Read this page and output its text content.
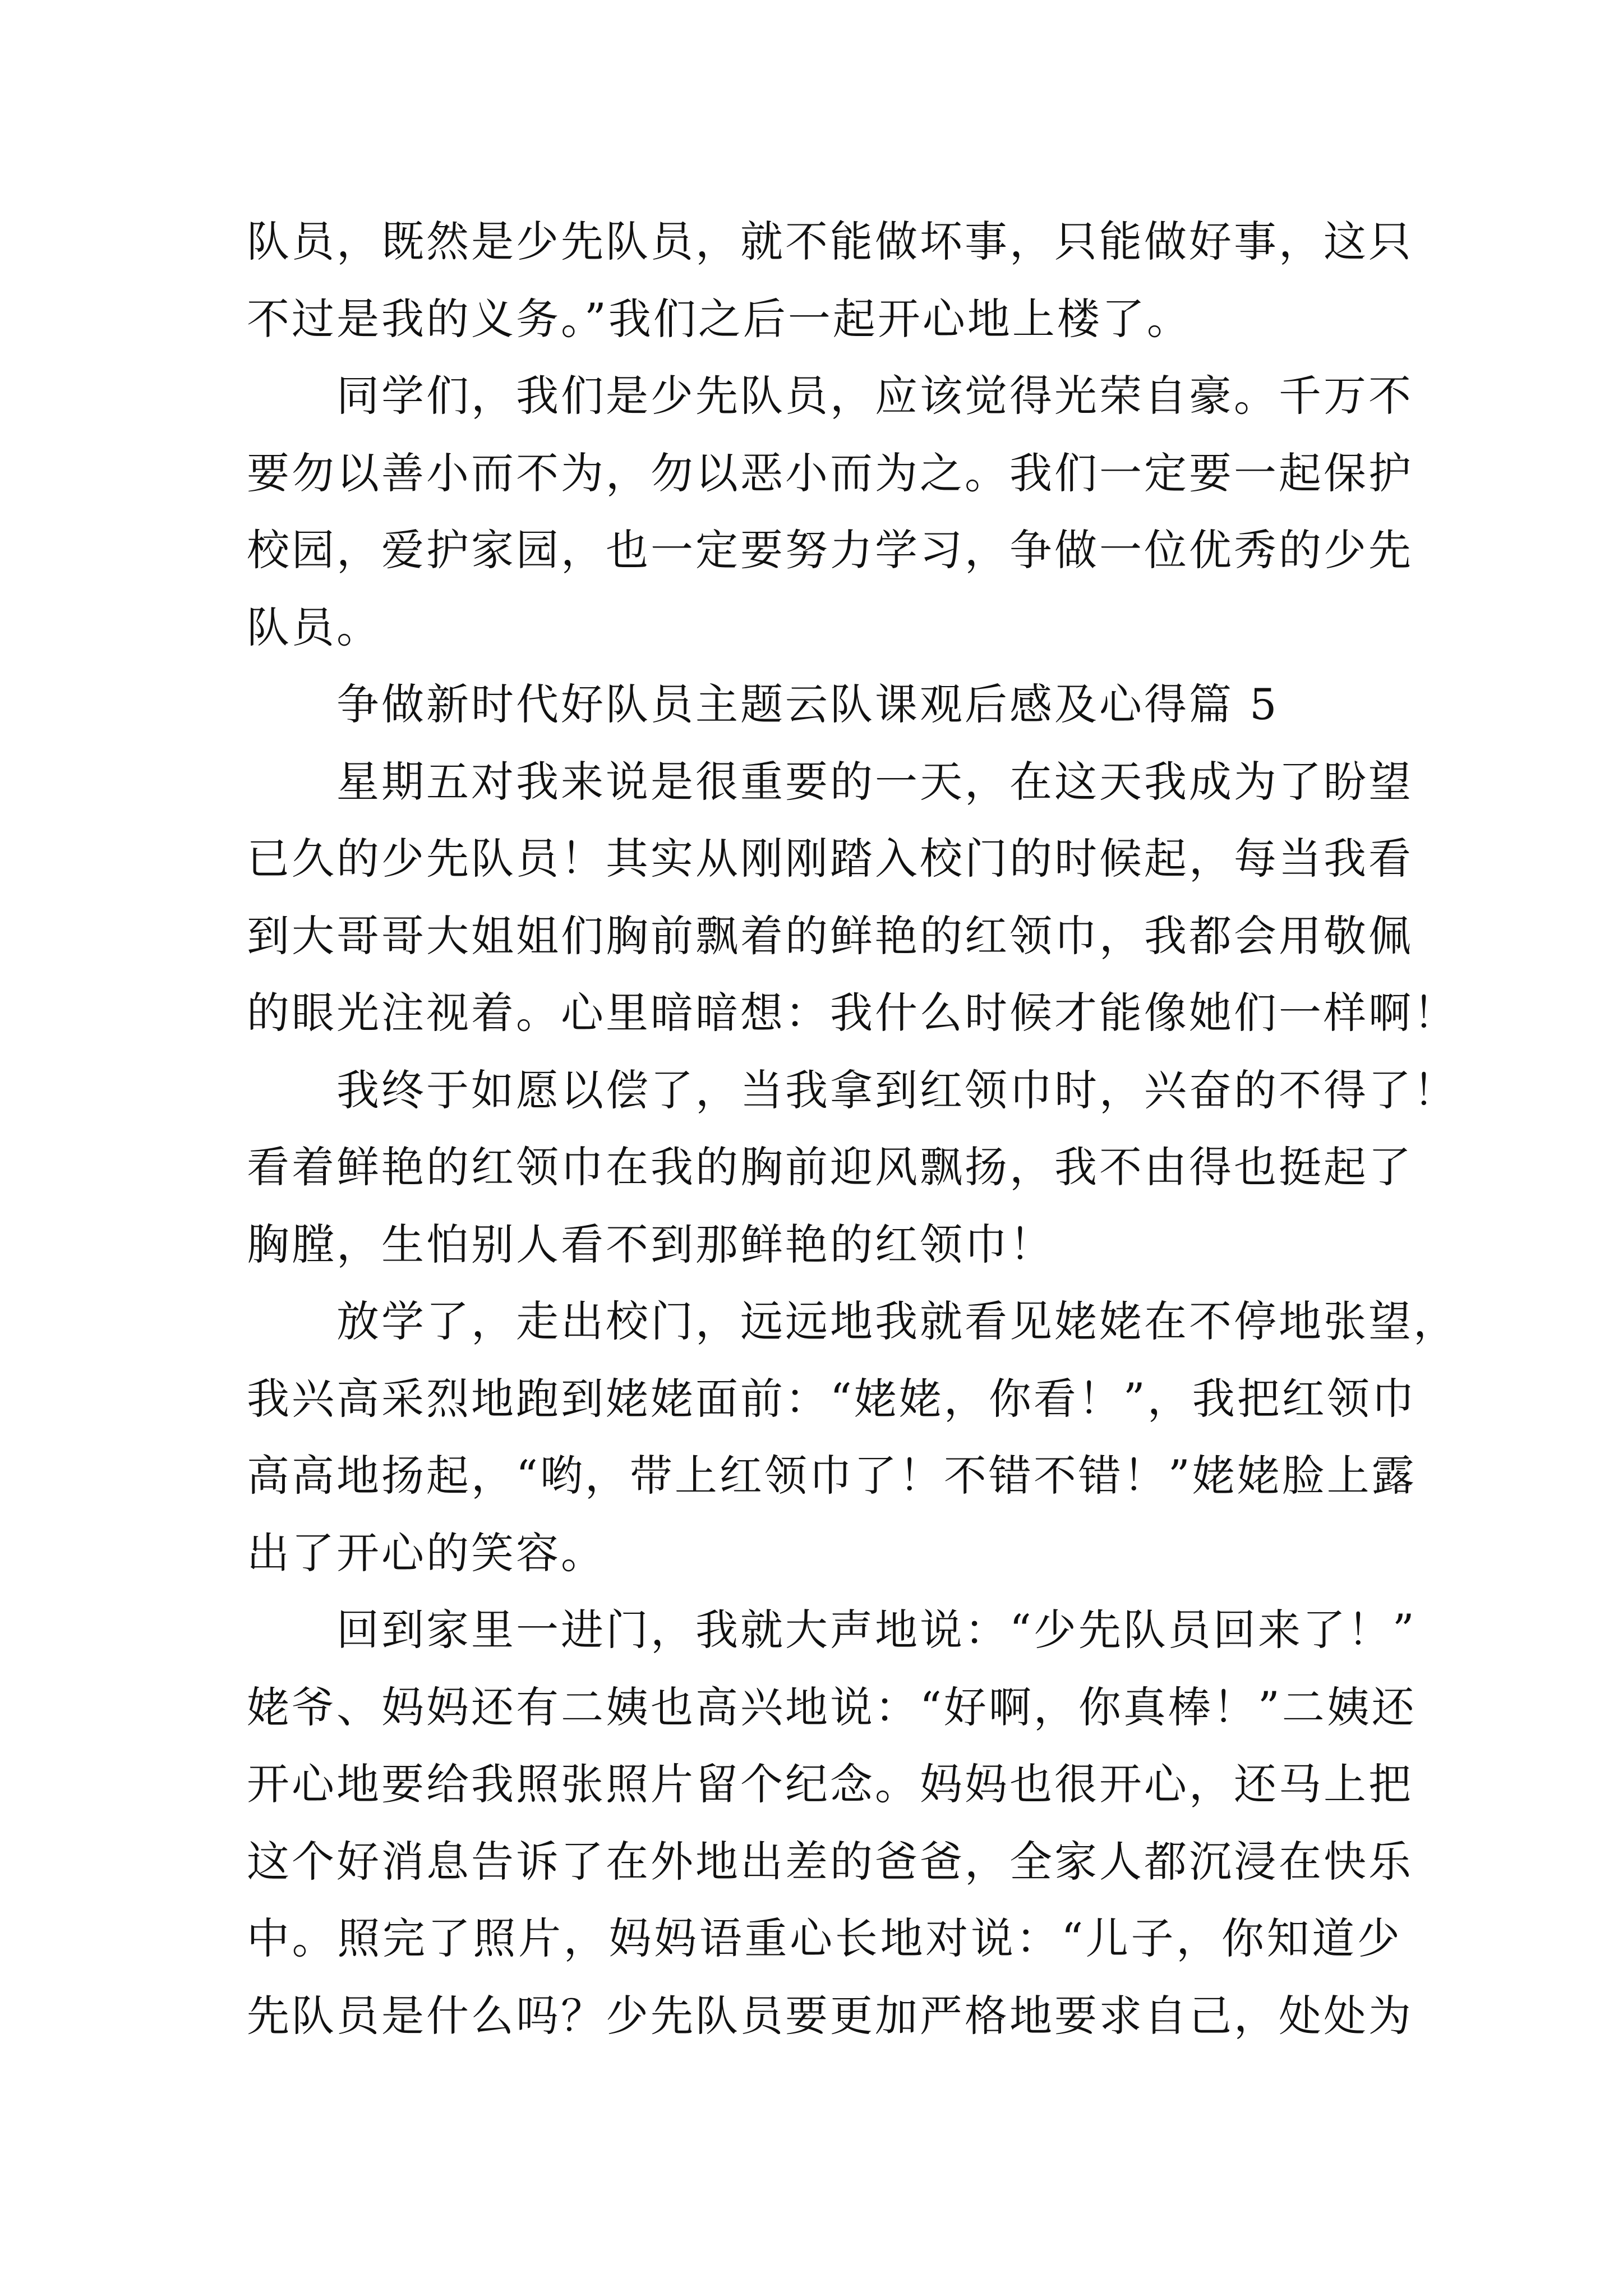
队员，既然是少先队员，就不能做坏事，只能做好事，这只
不过是我的义务。”我们之后一起开心地上楼了。
同学们，我们是少先队员，应该觉得光荣自豪。千万不
要勿以善小而不为，勿以恶小而为之。我们一定要一起保护
校园，爱护家园，也一定要努力学习，争做一位优秀的少先
队员。
争做新时代好队员主题云队课观后感及心得篇 5
星期五对我来说是很重要的一天，在这天我成为了盼望
已久的少先队员！其实从刚刚踏入校门的时候起，每当我看
到大哥哥大姐姐们胸前飘着的鲜艳的红领巾，我都会用敬佩
的眼光注视着。心里暗暗想：我什么时候才能像她们一样啊！
我终于如愿以偿了，当我拿到红领巾时，兴奋的不得了！
看着鲜艳的红领巾在我的胸前迎风飘扬，我不由得也挺起了
胸膛，生怕别人看不到那鲜艳的红领巾！
放学了，走出校门，远远地我就看见姥姥在不停地张望，
我兴高采烈地跑到姥姥面前：“姥姥，你看！”，我把红领巾
高高地扬起，“哟，带上红领巾了！不错不错！”姥姥脸上露
出了开心的笑容。
回到家里一进门，我就大声地说：“少先队员回来了！”
姥爷、妈妈还有二姨也高兴地说：“好啊，你真棒！”二姨还
开心地要给我照张照片留个纪念。妈妈也很开心，还马上把
这个好消息告诉了在外地出差的爸爸，全家人都沉浸在快乐
中。照完了照片，妈妈语重心长地对说：“儿子，你知道少
先队员是什么吗？少先队员要更加严格地要求自己，处处为
